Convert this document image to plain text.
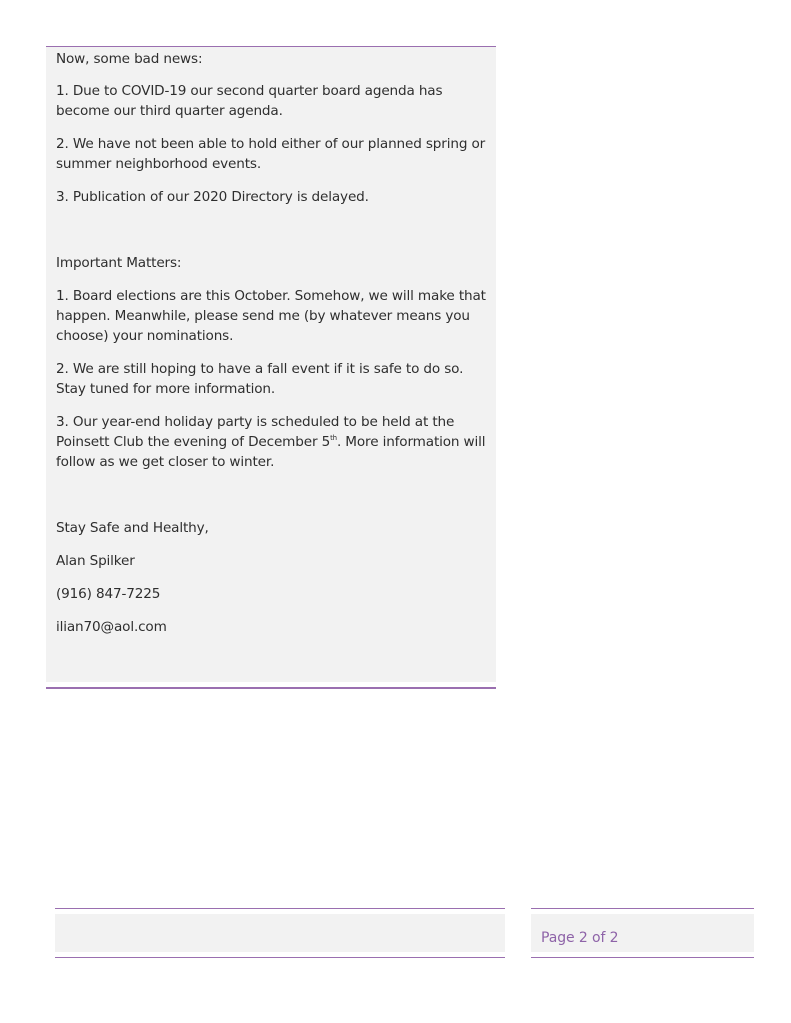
Now, some bad news:

1. Due to COVID-19 our second quarter board agenda has become our third quarter agenda.

2. We have not been able to hold either of our planned spring or summer neighborhood events.

3. Publication of our 2020 Directory is delayed.

Important Matters:

1. Board elections are this October. Somehow, we will make that happen. Meanwhile, please send me (by whatever means you choose) your nominations.

2. We are still hoping to have a fall event if it is safe to do so. Stay tuned for more information.

3. Our year-end holiday party is scheduled to be held at the Poinsett Club the evening of December 5th. More information will follow as we get closer to winter.

Stay Safe and Healthy,

Alan Spilker

(916) 847-7225

ilian70@aol.com

Page 2 of 2
